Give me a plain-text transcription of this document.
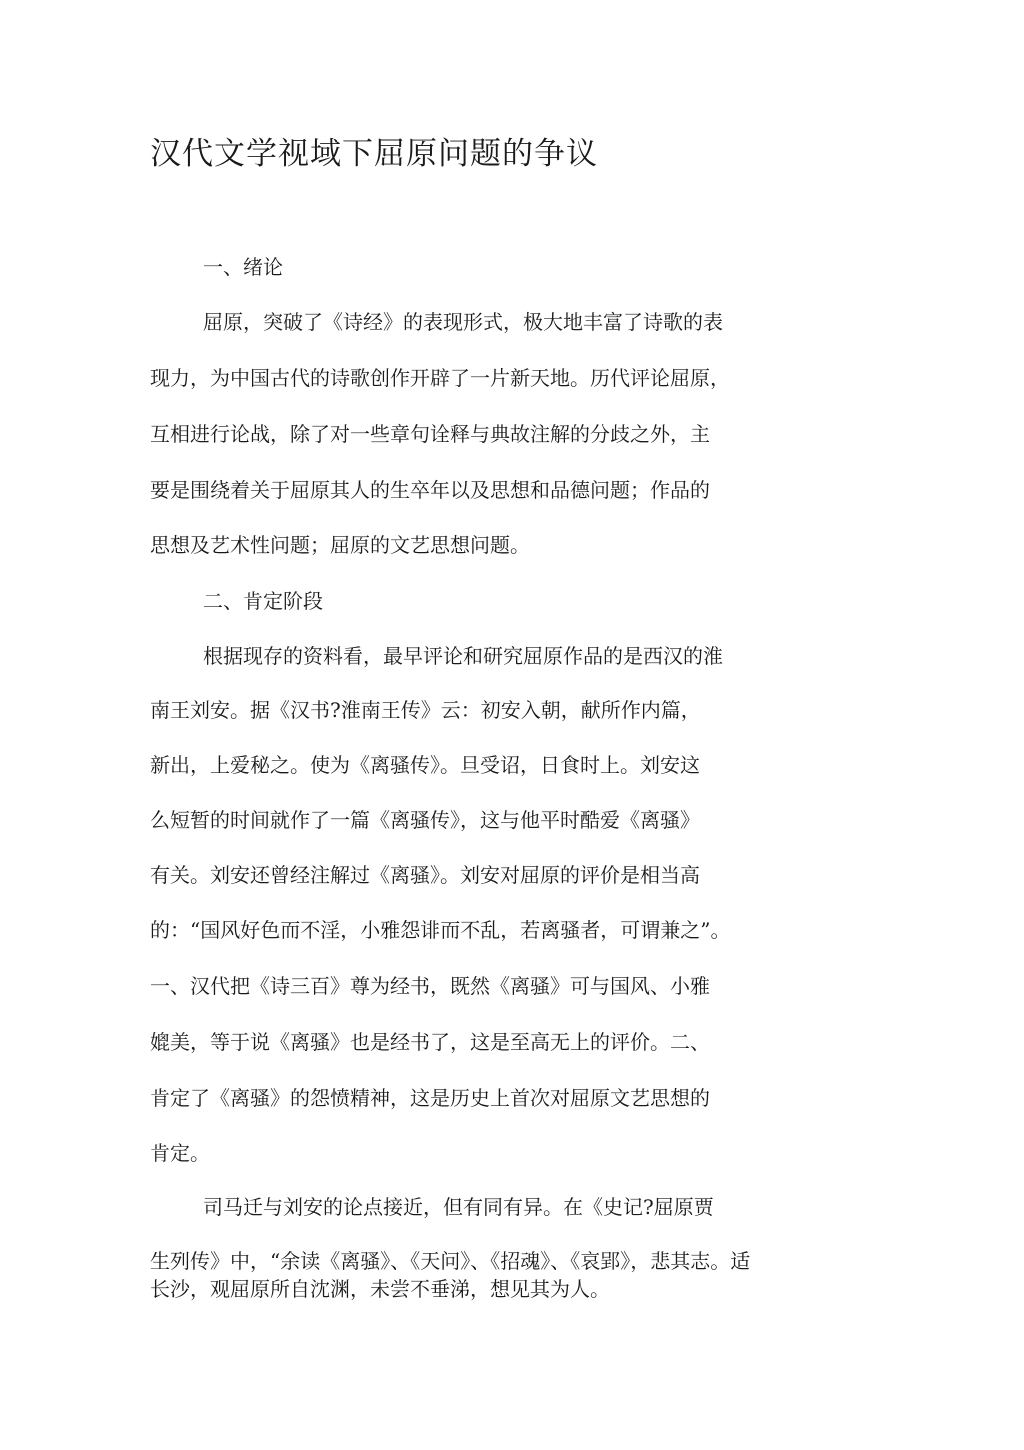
汉代文学视域下屈原问题的争议

一、绪论

屈原，突破了《诗经》的表现形式，极大地丰富了诗歌的表

现力，为中国古代的诗歌创作开辟了一片新天地。历代评论屈原，

互相进行论战，除了对一些章句诠释与典故注解的分歧之外，主

要是围绕着关于屈原其人的生卒年以及思想和品德问题；作品的

思想及艺术性问题；屈原的文艺思想问题。

二、肯定阶段

根据现存的资料看，最早评论和研究屈原作品的是西汉的淮

南王刘安。据《汉书?淮南王传》云：初安入朝，献所作内篇，

新出，上爱秘之。使为《离骚传》。旦受诏，日食时上。刘安这

么短暂的时间就作了一篇《离骚传》，这与他平时酷爱《离骚》

有关。刘安还曾经注解过《离骚》。刘安对屈原的评价是相当高

的：“国风好色而不淫，小雅怨诽而不乱，若离骚者，可谓兼之”。

一、汉代把《诗三百》尊为经书，既然《离骚》可与国风、小雅

媲美，等于说《离骚》也是经书了，这是至高无上的评价。二、

肯定了《离骚》的怨愤精神，这是历史上首次对屈原文艺思想的

肯定。

司马迁与刘安的论点接近，但有同有异。在《史记?屈原贾

生列传》中，“余读《离骚》、《天问》、《招魂》、《哀郢》，悲其志。适

长沙，观屈原所自沈渊，未尝不垂涕，想见其为人。
